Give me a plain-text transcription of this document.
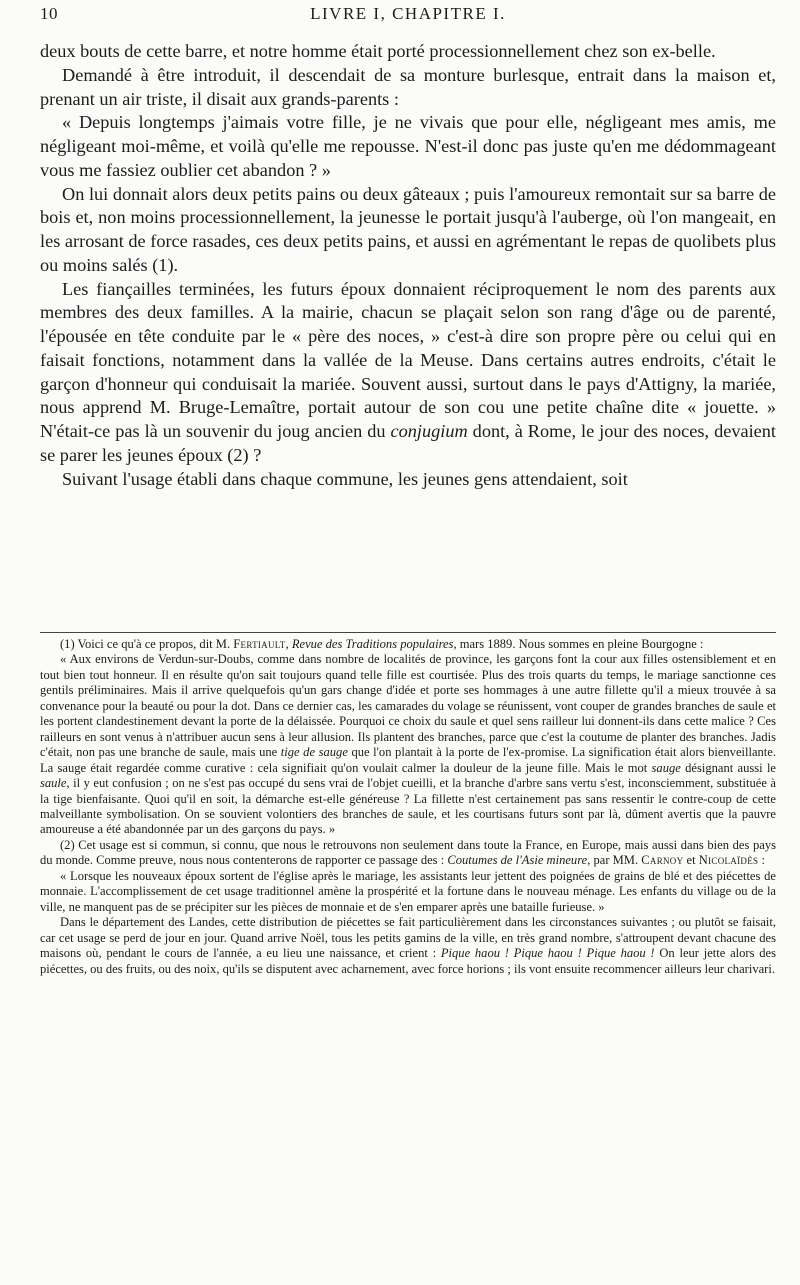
10	LIVRE I, CHAPITRE I.

deux bouts de cette barre, et notre homme était porté processionnellement chez son ex-belle.

Demandé à être introduit, il descendait de sa monture burlesque, entrait dans la maison et, prenant un air triste, il disait aux grands-parents :

« Depuis longtemps j'aimais votre fille, je ne vivais que pour elle, négligeant mes amis, me négligeant moi-même, et voilà qu'elle me repousse. N'est-il donc pas juste qu'en me dédommageant vous me fassiez oublier cet abandon ? »

On lui donnait alors deux petits pains ou deux gâteaux ; puis l'amoureux remontait sur sa barre de bois et, non moins processionnellement, la jeunesse le portait jusqu'à l'auberge, où l'on mangeait, en les arrosant de force rasades, ces deux petits pains, et aussi en agrémentant le repas de quolibets plus ou moins salés (1).

Les fiançailles terminées, les futurs époux donnaient réciproquement le nom des parents aux membres des deux familles. A la mairie, chacun se plaçait selon son rang d'âge ou de parenté, l'épousée en tête conduite par le « père des noces, » c'est-à dire son propre père ou celui qui en faisait fonctions, notamment dans la vallée de la Meuse. Dans certains autres endroits, c'était le garçon d'honneur qui conduisait la mariée. Souvent aussi, surtout dans le pays d'Attigny, la mariée, nous apprend M. Bruge-Lemaître, portait autour de son cou une petite chaîne dite « jouette. » N'était-ce pas là un souvenir du joug ancien du conjugium dont, à Rome, le jour des noces, devaient se parer les jeunes époux (2) ?

Suivant l'usage établi dans chaque commune, les jeunes gens attendaient, soit

(1) Voici ce qu'à ce propos, dit M. Fertiault, Revue des Traditions populaires, mars 1889. Nous sommes en pleine Bourgogne :

« Aux environs de Verdun-sur-Doubs, comme dans nombre de localités de province, les garçons font la cour aux filles ostensiblement et en tout bien tout honneur. Il en résulte qu'on sait toujours quand telle fille est courtisée. Plus des trois quarts du temps, le mariage sanctionne ces gentils préliminaires. Mais il arrive quelquefois qu'un gars change d'idée et porte ses hommages à une autre fillette qu'il a mieux trouvée à sa convenance pour la beauté ou pour la dot. Dans ce dernier cas, les camarades du volage se réunissent, vont couper de grandes branches de saule et les portent clandestinement devant la porte de la délaissée. Pourquoi ce choix du saule et quel sens railleur lui donnent-ils dans cette malice ? Ces railleurs en sont venus à n'attribuer aucun sens à leur allusion. Ils plantent des branches, parce que c'est la coutume de planter des branches. Jadis c'était, non pas une branche de saule, mais une tige de sauge que l'on plantait à la porte de l'ex-promise. La signification était alors bienveillante. La sauge était regardée comme curative : cela signifiait qu'on voulait calmer la douleur de la jeune fille. Mais le mot sauge désignant aussi le saule, il y eut confusion ; on ne s'est pas occupé du sens vrai de l'objet cueilli, et la branche d'arbre sans vertu s'est, inconsciemment, substituée à la tige bienfaisante. Quoi qu'il en soit, la démarche est-elle généreuse ? La fillette n'est certainement pas sans ressentir le contre-coup de cette malveillante symbolisation. On se souvient volontiers des branches de saule, et les courtisans futurs sont par là, dûment avertis que la pauvre amoureuse a été abandonnée par un des garçons du pays. »

(2) Cet usage est si commun, si connu, que nous le retrouvons non seulement dans toute la France, en Europe, mais aussi dans bien des pays du monde. Comme preuve, nous nous contenterons de rapporter ce passage des : Coutumes de l'Asie mineure, par MM. Carnoy et Nicolaïdès :

« Lorsque les nouveaux époux sortent de l'église après le mariage, les assistants leur jettent des poignées de grains de blé et des piécettes de monnaie. L'accomplissement de cet usage traditionnel amène la prospérité et la fortune dans le nouveau ménage. Les enfants du village ou de la ville, ne manquent pas de se précipiter sur les pièces de monnaie et de s'en emparer après une bataille furieuse. »

Dans le département des Landes, cette distribution de piécettes se fait particulièrement dans les circonstances suivantes ; ou plutôt se faisait, car cet usage se perd de jour en jour. Quand arrive Noël, tous les petits gamins de la ville, en très grand nombre, s'attroupent devant chacune des maisons où, pendant le cours de l'année, a eu lieu une naissance, et crient : Pique haou ! Pique haou ! Pique haou ! On leur jette alors des piécettes, ou des fruits, ou des noix, qu'ils se disputent avec acharnement, avec force horions ; ils vont ensuite recommencer ailleurs leur charivari.
